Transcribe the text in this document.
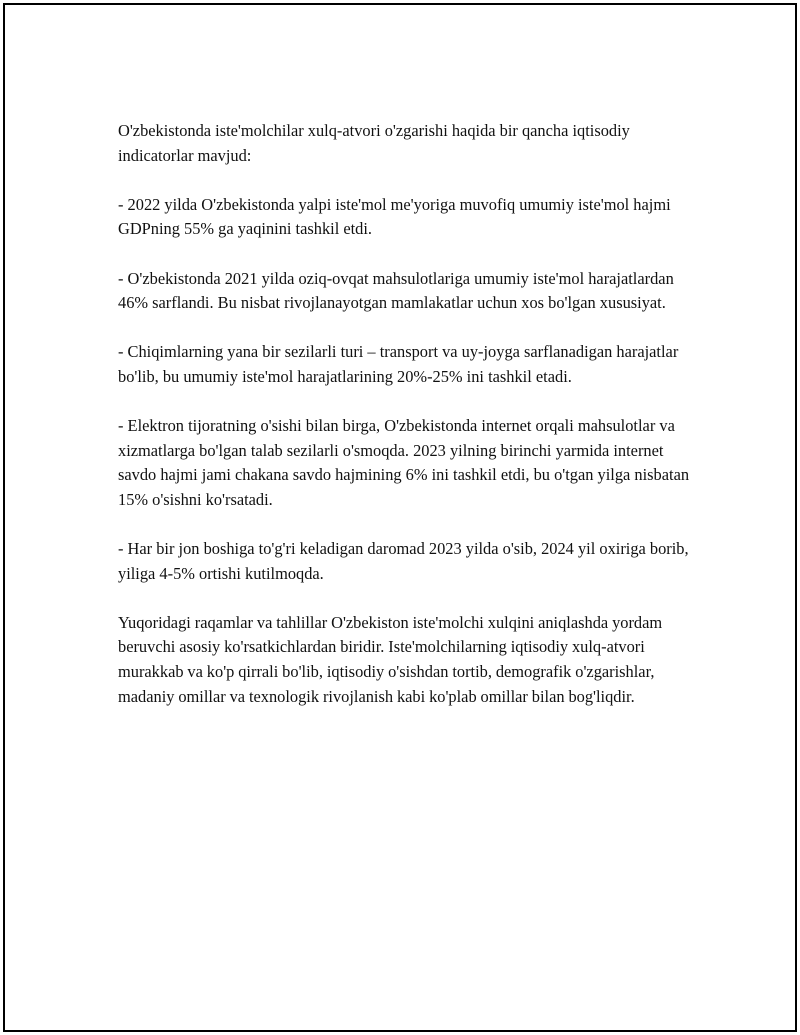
O'zbekistonda iste'molchilar xulq-atvori o'zgarishi haqida bir qancha iqtisodiy indicatorlar mavjud:

- 2022 yilda O'zbekistonda yalpi iste'mol me'yoriga muvofiq umumiy iste'mol hajmi GDPning 55% ga yaqinini tashkil etdi.

- O'zbekistonda 2021 yilda oziq-ovqat mahsulotlariga umumiy iste'mol harajatlardan 46% sarflandi. Bu nisbat rivojlanayotgan mamlakatlar uchun xos bo'lgan xususiyat.

- Chiqimlarning yana bir sezilarli turi – transport va uy-joyga sarflanadigan harajatlar bo'lib, bu umumiy iste'mol harajatlarining 20%-25% ini tashkil etadi.

- Elektron tijoratning o'sishi bilan birga, O'zbekistonda internet orqali mahsulotlar va xizmatlarga bo'lgan talab sezilarli o'smoqda. 2023 yilning birinchi yarmida internet savdo hajmi jami chakana savdo hajmining 6% ini tashkil etdi, bu o'tgan yilga nisbatan 15% o'sishni ko'rsatadi.

- Har bir jon boshiga to'g'ri keladigan daromad 2023 yilda o'sib, 2024 yil oxiriga borib, yiliga 4-5% ortishi kutilmoqda.

Yuqoridagi raqamlar va tahlillar O'zbekiston iste'molchi xulqini aniqlashda yordam beruvchi asosiy ko'rsatkichlardan biridir. Iste'molchilarning iqtisodiy xulq-atvori murakkab va ko'p qirrali bo'lib, iqtisodiy o'sishdan tortib, demografik o'zgarishlar, madaniy omillar va texnologik rivojlanish kabi ko'plab omillar bilan bog'liqdir.
